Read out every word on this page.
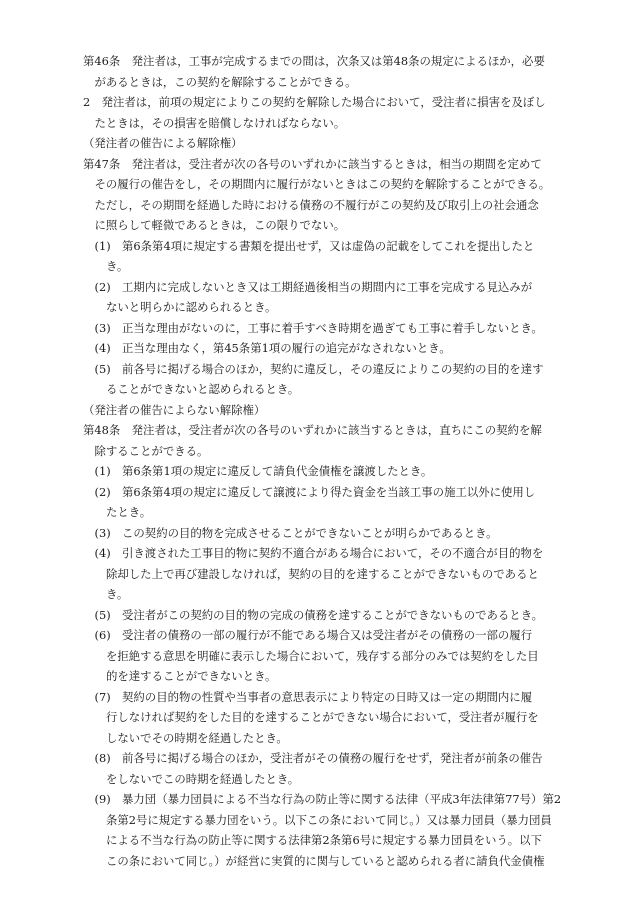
第46条　発注者は，工事が完成するまでの間は，次条又は第48条の規定によるほか，必要
があるときは，この契約を解除することができる。
2　発注者は，前項の規定によりこの契約を解除した場合において，受注者に損害を及ぼし
たときは，その損害を賠償しなければならない。
（発注者の催告による解除権）
第47条　発注者は，受注者が次の各号のいずれかに該当するときは，相当の期間を定めて
その履行の催告をし，その期間内に履行がないときはこの契約を解除することができる。
ただし，その期間を経過した時における債務の不履行がこの契約及び取引上の社会通念
に照らして軽微であるときは，この限りでない。
(1)　第6条第4項に規定する書類を提出せず，又は虚偽の記載をしてこれを提出したと
き。
(2)　工期内に完成しないとき又は工期経過後相当の期間内に工事を完成する見込みが
ないと明らかに認められるとき。
(3)　正当な理由がないのに，工事に着手すべき時期を過ぎても工事に着手しないとき。
(4)　正当な理由なく，第45条第1項の履行の追完がなされないとき。
(5)　前各号に掲げる場合のほか，契約に違反し，その違反によりこの契約の目的を達す
ることができないと認められるとき。
（発注者の催告によらない解除権）
第48条　発注者は，受注者が次の各号のいずれかに該当するときは，直ちにこの契約を解
除することができる。
(1)　第6条第1項の規定に違反して請負代金債権を譲渡したとき。
(2)　第6条第4項の規定に違反して譲渡により得た資金を当該工事の施工以外に使用し
たとき。
(3)　この契約の目的物を完成させることができないことが明らかであるとき。
(4)　引き渡された工事目的物に契約不適合がある場合において，その不適合が目的物を
除却した上で再び建設しなければ，契約の目的を達することができないものであると
き。
(5)　受注者がこの契約の目的物の完成の債務を達することができないものであるとき。
(6)　受注者の債務の一部の履行が不能である場合又は受注者がその債務の一部の履行
を拒絶する意思を明確に表示した場合において，残存する部分のみでは契約をした目
的を達することができないとき。
(7)　契約の目的物の性質や当事者の意思表示により特定の日時又は一定の期間内に履
行しなければ契約をした目的を達することができない場合において，受注者が履行を
しないでその時期を経過したとき。
(8)　前各号に掲げる場合のほか，受注者がその債務の履行をせず，発注者が前条の催告
をしないでこの時期を経過したとき。
(9)　暴力団（暴力団員による不当な行為の防止等に関する法律（平成3年法律第77号）第2
条第2号に規定する暴力団をいう。以下この条において同じ。）又は暴力団員（暴力団員
による不当な行為の防止等に関する法律第2条第6号に規定する暴力団員をいう。以下
この条において同じ。）が経営に実質的に関与していると認められる者に請負代金債権
